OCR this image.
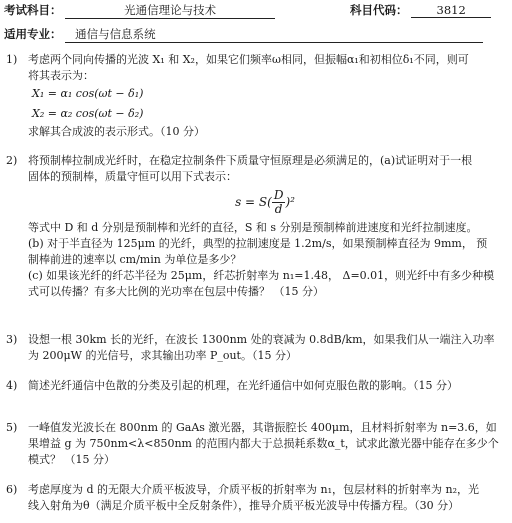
考试科目：	光通信理论与技术	科目代码：	3812
适用专业： 通信与信息系统
1) 考虑两个同向传播的光波 X₁ 和 X₂，如果它们频率ω相同，但振幅α₁和初相位δ₁不同，则可
将其表示为：
X₁ = α₁ cos(ωt − δ₁)
X₂ = α₂ cos(ωt − δ₂)
求解其合成波的表示形式。（10 分）
2) 将预制棒拉制成光纤时，在稳定拉制条件下质量守恒原理是必须满足的，(a)试证明对于一根
固体的预制棒，质量守恒可以用下式表示：
$s = S( \frac{D}{d} )^2$
等式中 D 和 d 分别是预制棒和光纤的直径，S 和 s 分别是预制棒前进速度和光纤拉制速度。
(b) 对于半直径为 125μm 的光纤，典型的拉制速度是 1.2m/s，如果预制棒直径为 9mm， 预
制棒前进的速率以 cm/min 为单位是多少？
(c) 如果该光纤的纤芯半径为 25μm，纤芯折射率为 n₁=1.48， Δ=0.01，则光纤中有多少种模
式可以传播？有多大比例的光功率在包层中传播？ （15 分）
3) 设想一根 30km 长的光纤，在波长 1300nm 处的衰减为 0.8dB/km，如果我们从一端注入功率
为 200μW 的光信号，求其输出功率 P_out。（15 分）
4) 简述光纤通信中色散的分类及引起的机理，在光纤通信中如何克服色散的影响。（15 分）
5) 一峰值发光波长在 800nm 的 GaAs 激光器，其谐振腔长 400μm，且材料折射率为 n=3.6，如
果增益 g 为 750nm<λ<850nm 的范围内都大于总损耗系数α_t，试求此激光器中能存在多少个
模式？ （15 分）
6) 考虑厚度为 d 的无限大介质平板波导，介质平板的折射率为 n₁，包层材料的折射率为 n₂，光
线入射角为θ（满足介质平板中全反射条件），推导介质平板光波导中传播方程。（30 分）
